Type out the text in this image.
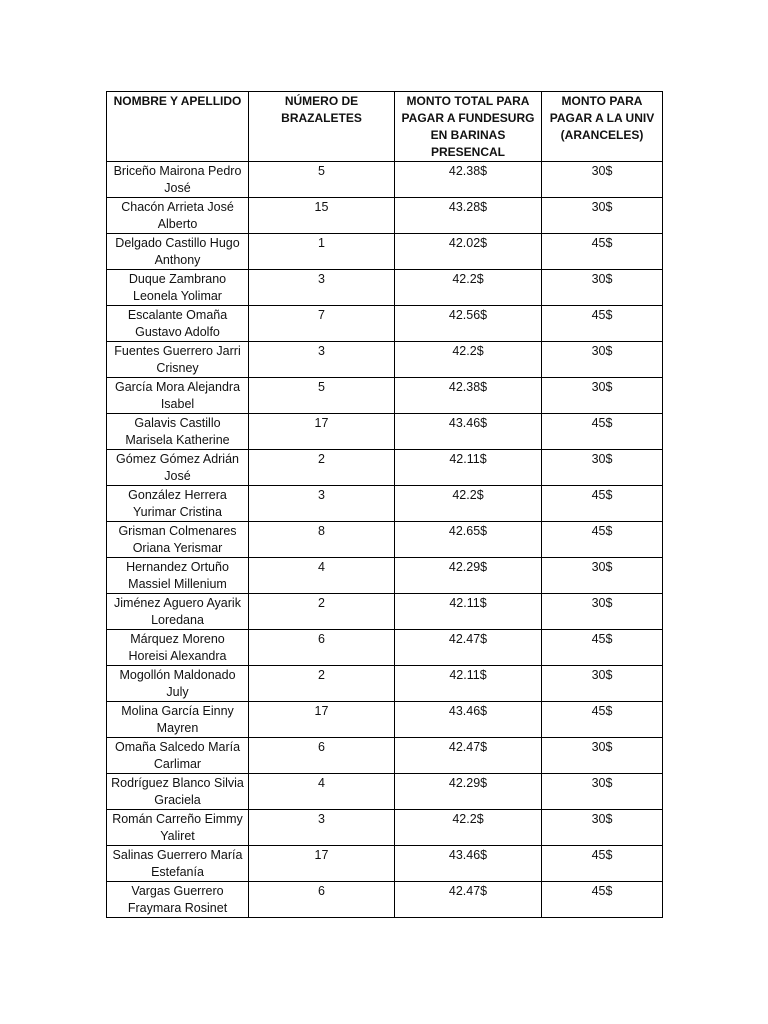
NOMBRE Y APELLIDO	NÚMERO DE BRAZALETES	MONTO TOTAL PARA PAGAR A FUNDESURG EN BARINAS PRESENCAL	MONTO PARA PAGAR A LA UNIV (ARANCELES)
Briceño Mairona Pedro José	5	42.38$	30$
Chacón Arrieta José Alberto	15	43.28$	30$
Delgado Castillo Hugo Anthony	1	42.02$	45$
Duque Zambrano Leonela Yolimar	3	42.2$	30$
Escalante Omaña Gustavo Adolfo	7	42.56$	45$
Fuentes Guerrero Jarri Crisney	3	42.2$	30$
García Mora Alejandra Isabel	5	42.38$	30$
Galavis Castillo Marisela Katherine	17	43.46$	45$
Gómez Gómez Adrián José	2	42.11$	30$
González Herrera Yurimar Cristina	3	42.2$	45$
Grisman Colmenares Oriana Yerismar	8	42.65$	45$
Hernandez Ortuño Massiel Millenium	4	42.29$	30$
Jiménez Aguero Ayarik Loredana	2	42.11$	30$
Márquez Moreno Horeisi Alexandra	6	42.47$	45$
Mogollón Maldonado July	2	42.11$	30$
Molina García Einny Mayren	17	43.46$	45$
Omaña Salcedo María Carlimar	6	42.47$	30$
Rodríguez Blanco Silvia Graciela	4	42.29$	30$
Román Carreño Eimmy Yaliret	3	42.2$	30$
Salinas Guerrero María Estefanía	17	43.46$	45$
Vargas Guerrero Fraymara Rosinet	6	42.47$	45$
